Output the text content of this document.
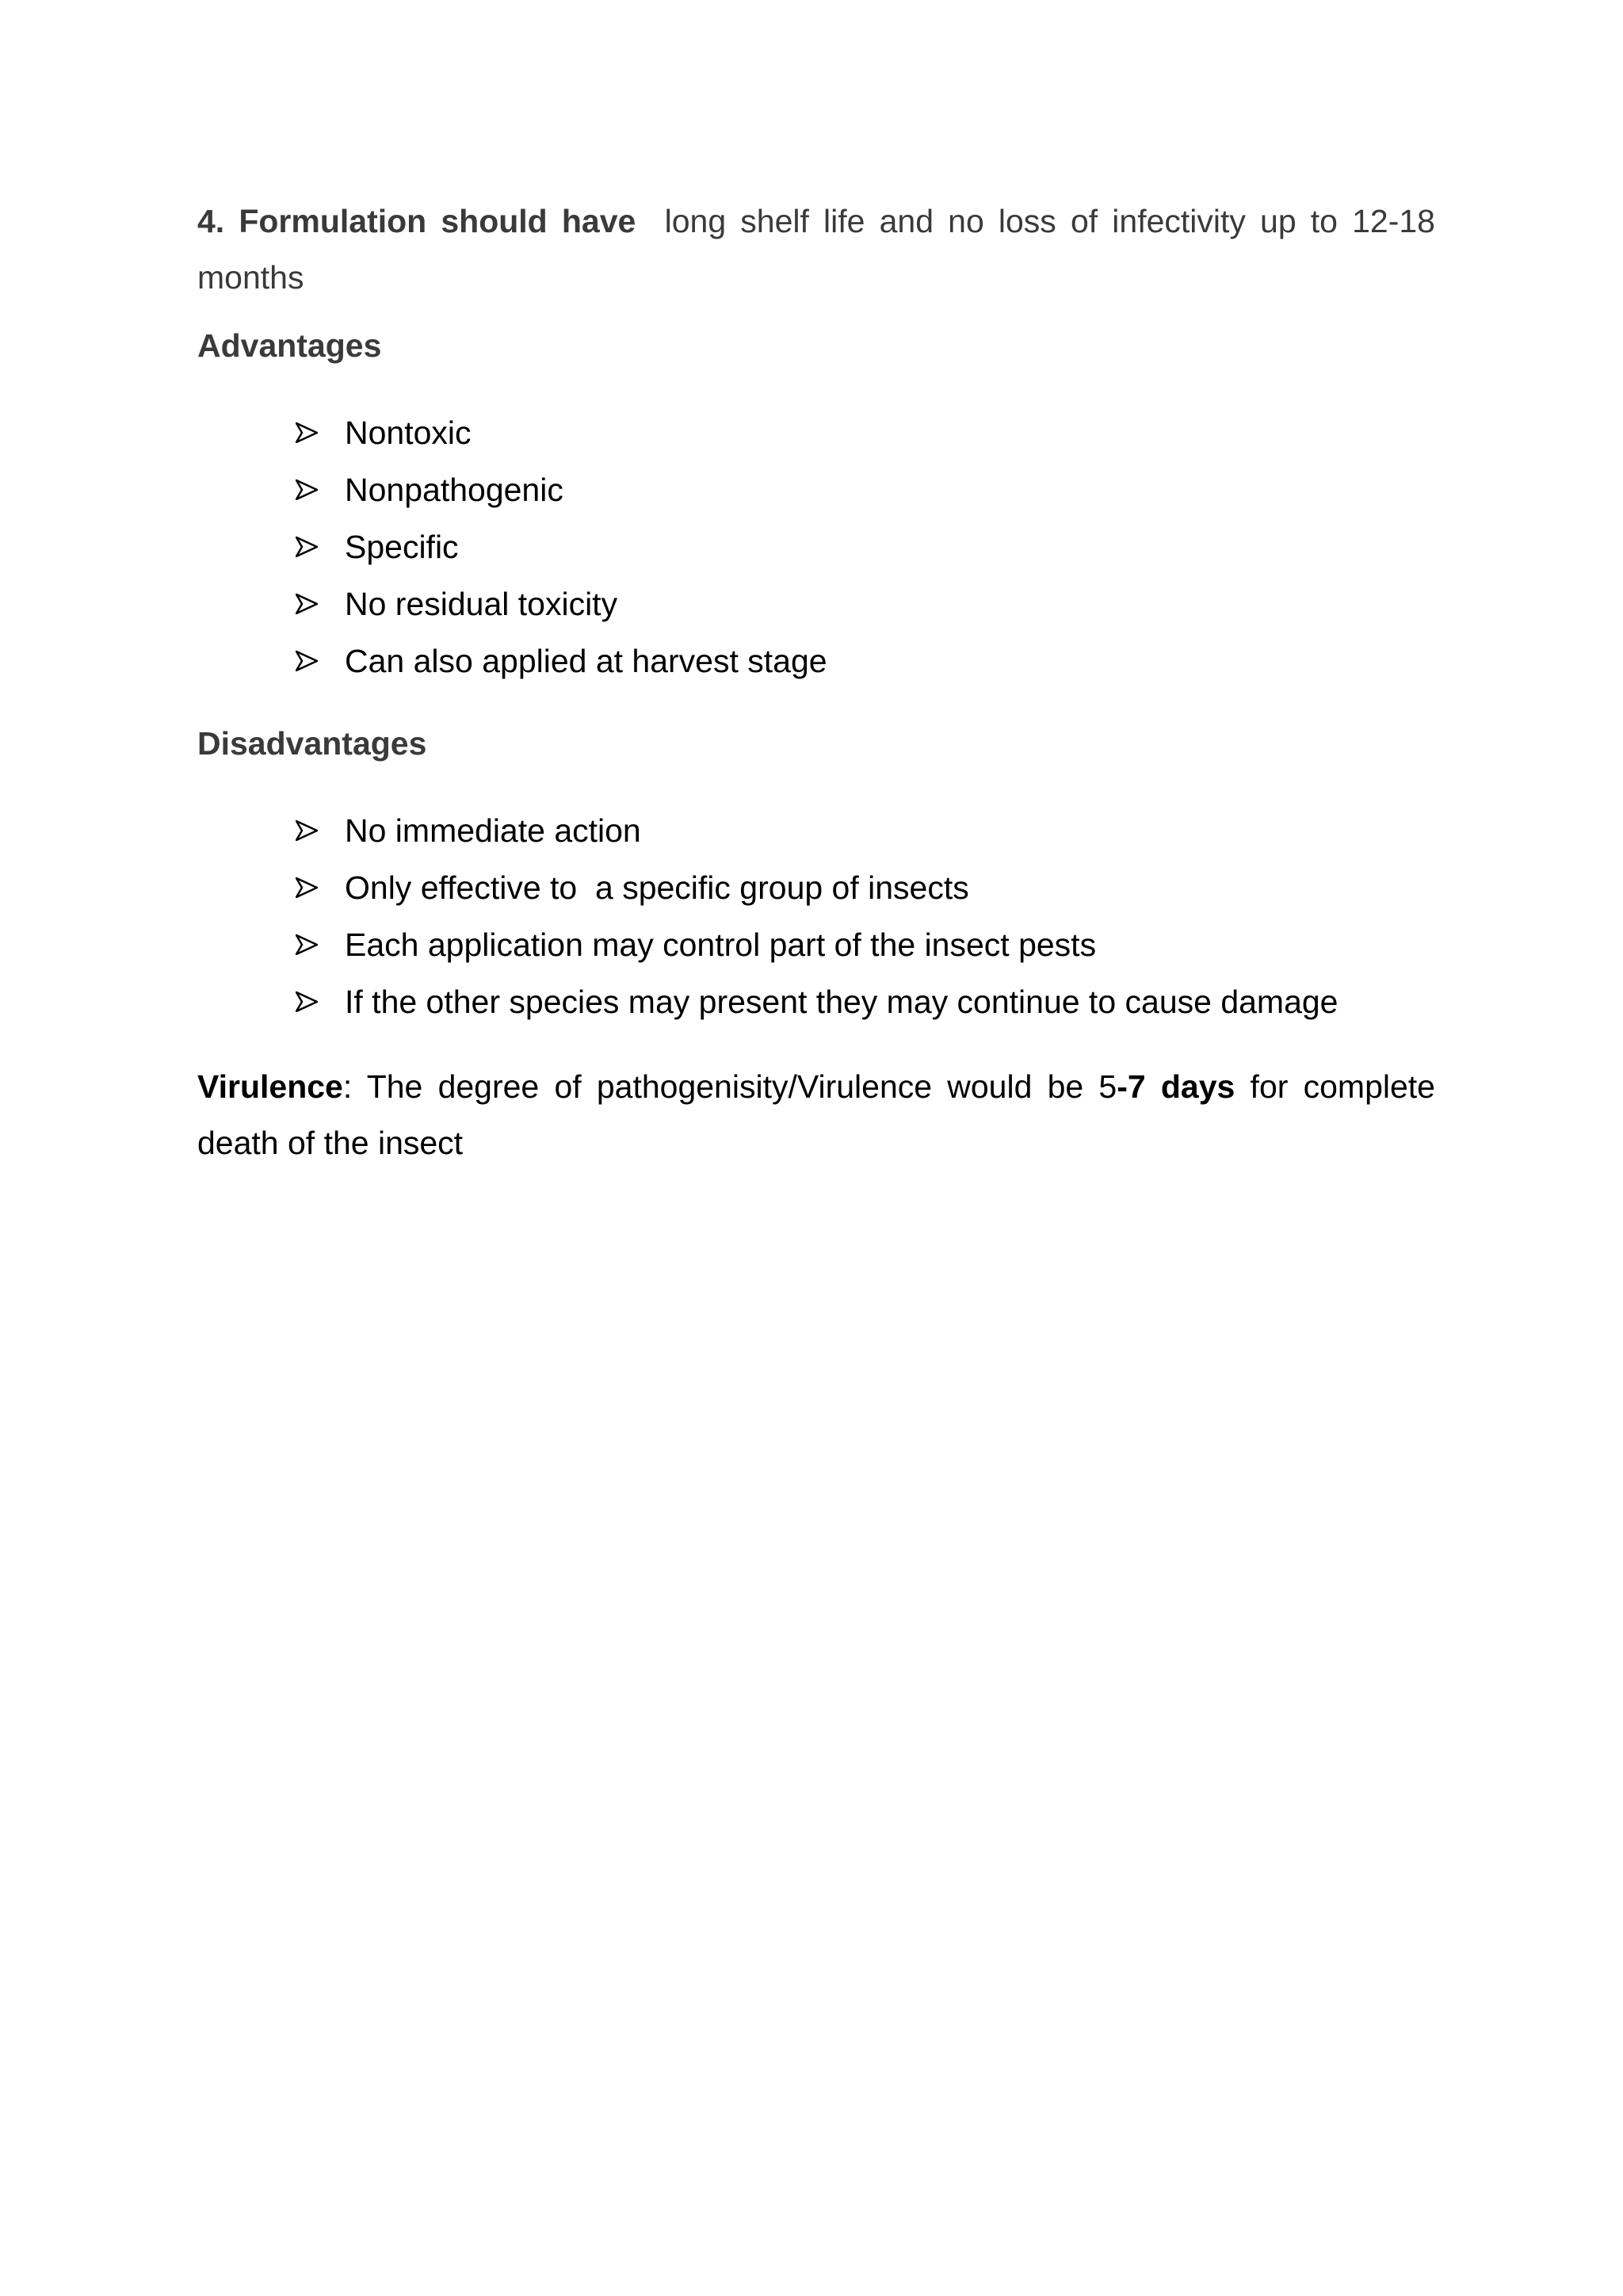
4. Formulation should have long shelf life and no loss of infectivity up to 12-18 months

Advantages
Nontoxic
Nonpathogenic
Specific
No residual toxicity
Can also applied at harvest stage
Disadvantages
No immediate action
Only effective to  a specific group of insects
Each application may control part of the insect pests
If the other species may present they may continue to cause damage

Virulence: The degree of pathogenisity/Virulence would be 5-7 days for complete death of the insect
